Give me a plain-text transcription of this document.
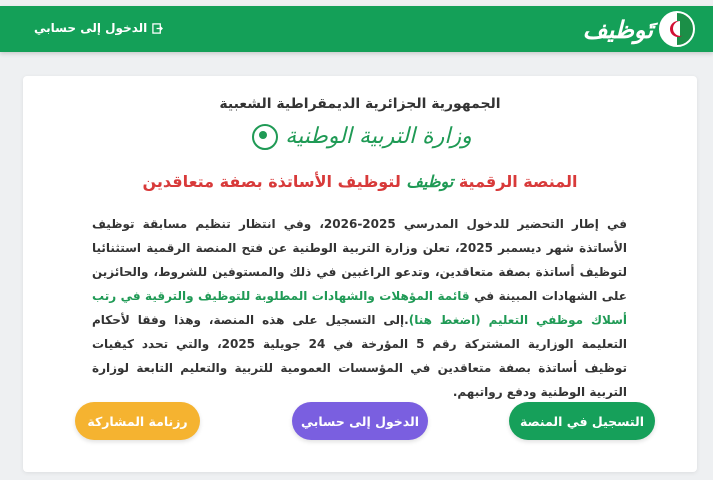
تَوظيف
الدخول إلى حسابي
الجمهورية الجزائرية الديمقراطية الشعبية
وزارة التربية الوطنية
المنصة الرقمية توظيف لتوظيف الأساتذة بصفة متعاقدين
في إطار التحضير للدخول المدرسي 2025-2026، وفي انتظار تنظيم مسابقة توظيف الأساتذة شهر ديسمبر 2025، تعلن وزارة التربية الوطنية عن فتح المنصة الرقمية استثنائيا لتوظيف أساتذة بصفة متعاقدين، وتدعو الراغبين في ذلك والمستوفين للشروط، والحائزين على الشهادات المبينة في قائمة المؤهلات والشهادات المطلوبة للتوظيف والترقية في رتب أسلاك موظفي التعليم (اضغط هنا).إلى التسجيل على هذه المنصة، وهذا وفقا لأحكام التعليمة الوزارية المشتركة رقم 5 المؤرخة في 24 جويلية 2025، والتي تحدد كيفيات توظيف أساتذة بصفة متعاقدين في المؤسسات العمومية للتربية والتعليم التابعة لوزارة التربية الوطنية ودفع رواتبهم.
التسجيل في المنصة
الدخول إلى حسابي
رزنامة المشاركة
